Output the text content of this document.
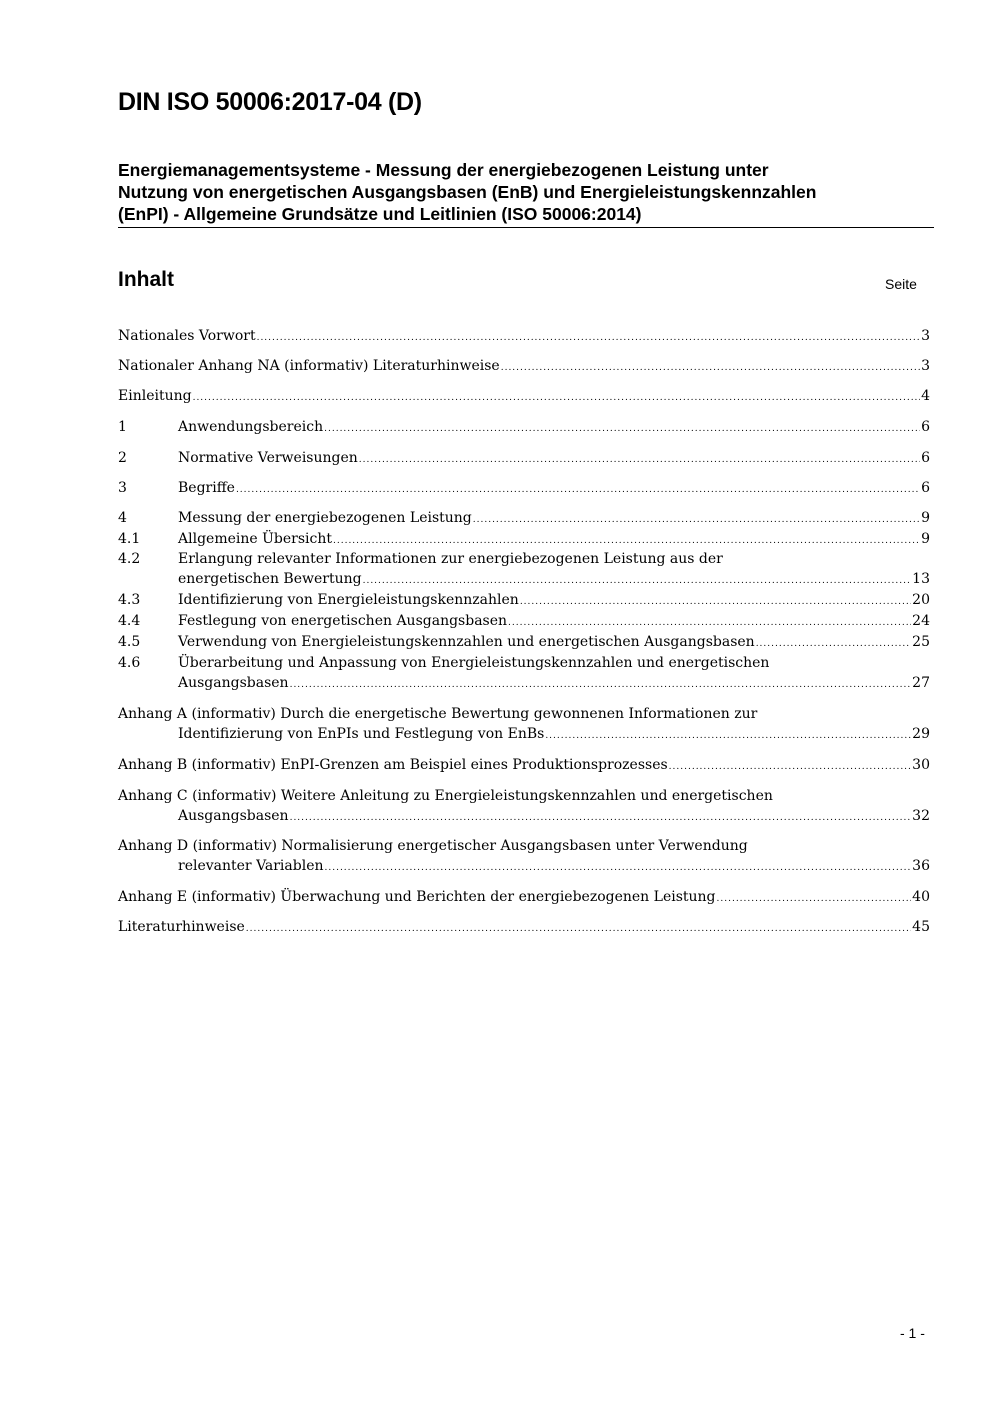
DIN ISO 50006:2017-04 (D)
Energiemanagementsysteme - Messung der energiebezogenen Leistung unter
Nutzung von energetischen Ausgangsbasen (EnB) und Energieleistungskennzahlen
(EnPI) - Allgemeine Grundsätze und Leitlinien (ISO 50006:2014)
Inhalt	Seite
Nationales Vorwort .....	3
Nationaler Anhang NA (informativ) Literaturhinweise .....	3
Einleitung .....	4
1	Anwendungsbereich .....	6
2	Normative Verweisungen .....	6
3	Begriffe .....	6
4	Messung der energiebezogenen Leistung .....	9
4.1	Allgemeine Übersicht .....	9
4.2	Erlangung relevanter Informationen zur energiebezogenen Leistung aus der
energetischen Bewertung .....	13
4.3	Identifizierung von Energieleistungskennzahlen .....	20
4.4	Festlegung von energetischen Ausgangsbasen .....	24
4.5	Verwendung von Energieleistungskennzahlen und energetischen Ausgangsbasen .....	25
4.6	Überarbeitung und Anpassung von Energieleistungskennzahlen und energetischen
Ausgangsbasen .....	27
Anhang A (informativ) Durch die energetische Bewertung gewonnenen Informationen zur
Identifizierung von EnPIs und Festlegung von EnBs .....	29
Anhang B (informativ) EnPI-Grenzen am Beispiel eines Produktionsprozesses .....	30
Anhang C (informativ) Weitere Anleitung zu Energieleistungskennzahlen und energetischen
Ausgangsbasen .....	32
Anhang D (informativ) Normalisierung energetischer Ausgangsbasen unter Verwendung
relevanter Variablen .....	36
Anhang E (informativ) Überwachung und Berichten der energiebezogenen Leistung .....	40
Literaturhinweise .....	45
- 1 -
